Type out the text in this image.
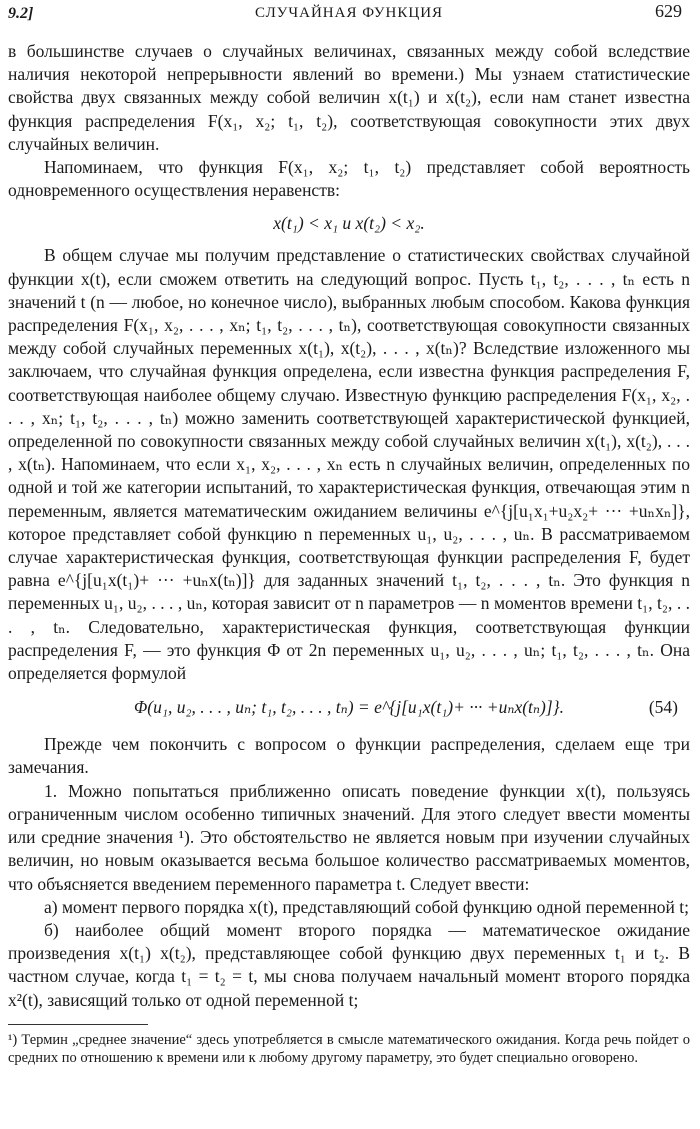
9.2]	СЛУЧАЙНАЯ ФУНКЦИЯ	629

в большинстве случаев о случайных величинах, связанных между собой вследствие наличия некоторой непрерывности явлений во времени.) Мы узнаем статистические свойства двух связанных между собой величин x(t₁) и x(t₂), если нам станет известна функция распределения F(x₁, x₂; t₁, t₂), соответствующая совокупности этих двух случайных величин.

Напоминаем, что функция F(x₁, x₂; t₁, t₂) представляет собой вероятность одновременного осуществления неравенств:

x(t₁) < x₁ и x(t₂) < x₂.

В общем случае мы получим представление о статистических свойствах случайной функции x(t), если сможем ответить на следующий вопрос. Пусть t₁, t₂, . . . , tₙ есть n значений t (n — любое, но конечное число), выбранных любым способом. Какова функция распределения F(x₁, x₂, . . . , xₙ; t₁, t₂, . . . , tₙ), соответствующая совокупности связанных между собой случайных переменных x(t₁), x(t₂), . . . , x(tₙ)? Вследствие изложенного мы заключаем, что случайная функция определена, если известна функция распределения F, соответствующая наиболее общему случаю. Известную функцию распределения F(x₁, x₂, . . . , xₙ; t₁, t₂, . . . , tₙ) можно заменить соответствующей характеристической функцией, определенной по совокупности связанных между собой случайных величин x(t₁), x(t₂), . . . , x(tₙ). Напоминаем, что если x₁, x₂, . . . , xₙ есть n случайных величин, определенных по одной и той же категории испытаний, то характеристическая функция, отвечающая этим n переменным, является математическим ожиданием величины e^{j[u₁x₁+u₂x₂+ ··· +uₙxₙ]}, которое представляет собой функцию n переменных u₁, u₂, . . . , uₙ. В рассматриваемом случае характеристическая функция, соответствующая функции распределения F, будет равна e^{j[u₁x(t₁)+ ··· +uₙx(tₙ)]} для заданных значений t₁, t₂, . . . , tₙ. Это функция n переменных u₁, u₂, . . . , uₙ, которая зависит от n параметров — n моментов времени t₁, t₂, . . . , tₙ. Следовательно, характеристическая функция, соответствующая функции распределения F, — это функция Φ от 2n переменных u₁, u₂, . . . , uₙ; t₁, t₂, . . . , tₙ. Она определяется формулой

Φ(u₁, u₂, . . . , uₙ; t₁, t₂, . . . , tₙ) = e^{j[u₁x(t₁)+ ··· +uₙx(tₙ)]}.	(54)

Прежде чем покончить с вопросом о функции распределения, сделаем еще три замечания.

1. Можно попытаться приближенно описать поведение функции x(t), пользуясь ограниченным числом особенно типичных значений. Для этого следует ввести моменты или средние значения ¹). Это обстоятельство не является новым при изучении случайных величин, но новым оказывается весьма большое количество рассматриваемых моментов, что объясняется введением переменного параметра t. Следует ввести:

а) момент первого порядка x(t), представляющий собой функцию одной переменной t;

б) наиболее общий момент второго порядка — математическое ожидание произведения x(t₁) x(t₂), представляющее собой функцию двух переменных t₁ и t₂. В частном случае, когда t₁ = t₂ = t, мы снова получаем начальный момент второго порядка x²(t), зависящий только от одной переменной t;

¹) Термин „среднее значение“ здесь употребляется в смысле математического ожидания. Когда речь пойдет о средних по отношению к времени или к любому другому параметру, это будет специально оговорено.
